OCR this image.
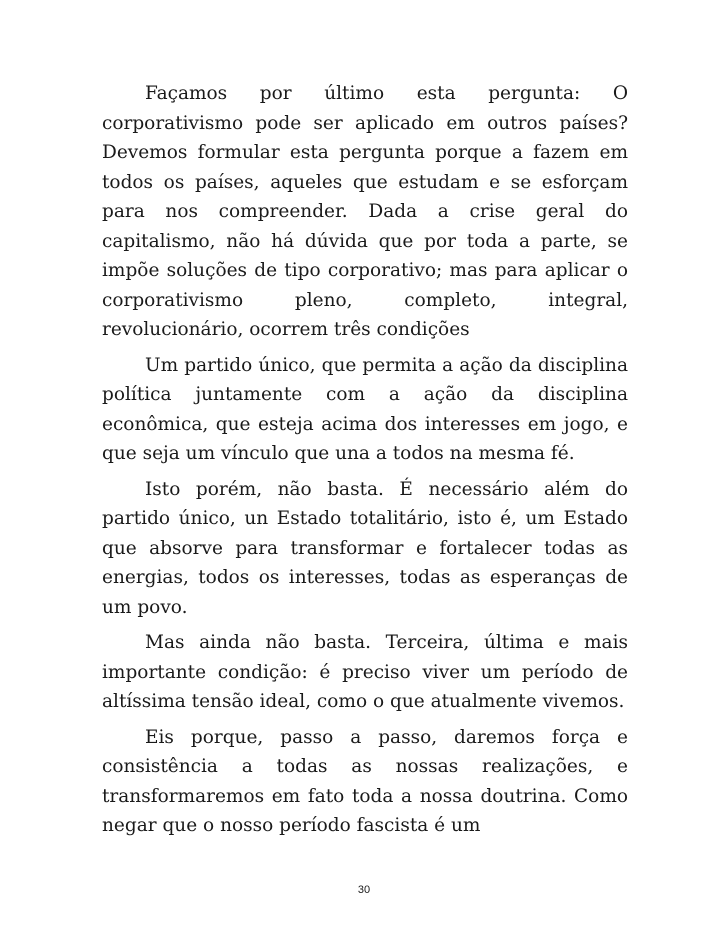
Façamos por último esta pergunta: O corporativismo pode ser aplicado em outros países? Devemos formular esta pergunta porque a fazem em todos os países, aqueles que estudam e se esforçam para nos compreender. Dada a crise geral do capitalismo, não há dúvida que por toda a parte, se impõe soluções de tipo corporativo; mas para aplicar o corporativismo pleno, completo, integral, revolucionário, ocorrem três condições

Um partido único, que permita a ação da disciplina política juntamente com a ação da disciplina econômica, que esteja acima dos interesses em jogo, e que seja um vínculo que una a todos na mesma fé.

Isto porém, não basta. É necessário além do partido único, un Estado totalitário, isto é, um Estado que absorve para transformar e fortalecer todas as energias, todos os interesses, todas as esperanças de um povo.

Mas ainda não basta. Terceira, última e mais importante condição: é preciso viver um período de altíssima tensão ideal, como o que atualmente vivemos.

Eis porque, passo a passo, daremos força e consistência a todas as nossas realizações, e transformaremos em fato toda a nossa doutrina. Como negar que o nosso período fascista é um

30
